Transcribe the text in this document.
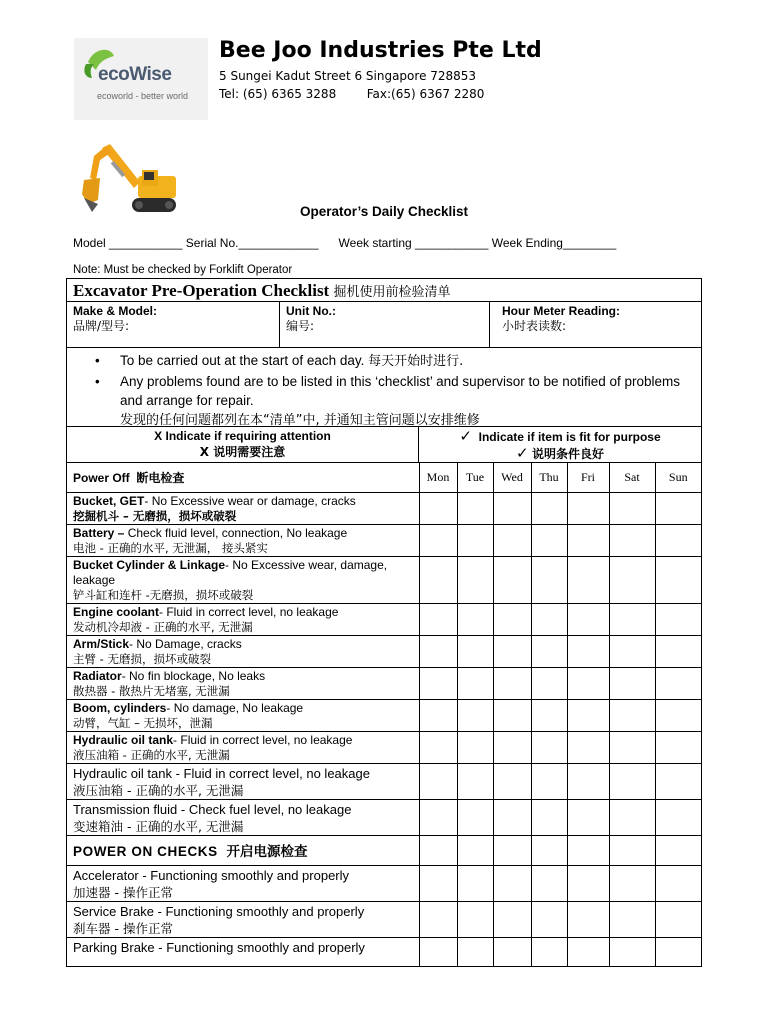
ecoWise
ecoworld - better world
Bee Joo Industries Pte Ltd
5 Sungei Kadut Street 6 Singapore 728853
Tel: (65) 6365 3288        Fax:(65) 6367 2280
Operator’s Daily Checklist
Model ___________ Serial No.____________      Week starting ___________ Week Ending________
Note: Must be checked by Forklift Operator
Excavator Pre-Operation Checklist 掘机使用前检验清单
Make & Model:
品牌/型号:
Unit No.:
编号:
Hour Meter Reading:
小时表读数:
• To be carried out at the start of each day. 每天开始时进行.
• Any problems found are to be listed in this ‘checklist’ and supervisor to be notified of problems and arrange for repair.
发现的任何问题都列在本“清单”中, 并通知主管问题以安排维修
X Indicate if requiring attention
X 说明需要注意
✓ Indicate if item is fit for purpose
✓ 说明条件良好
Power Off 断电检查	Mon	Tue	Wed	Thu	Fri	Sat	Sun
Bucket, GET- No Excessive wear or damage, cracks
挖掘机斗 – 无磨损，损坏或破裂							
Battery – Check fluid level, connection, No leakage
电池 - 正确的水平, 无泄漏， 接头紧实							
Bucket Cylinder & Linkage- No Excessive wear, damage, leakage
铲斗缸和连杆 -无磨损，损坏或破裂							
Engine coolant- Fluid in correct level, no leakage
发动机冷却液 - 正确的水平, 无泄漏							
Arm/Stick- No Damage, cracks
主臂 - 无磨损，损坏或破裂							
Radiator- No fin blockage, No leaks
散热器 - 散热片无堵塞, 无泄漏							
Boom, cylinders- No damage, No leakage
动臂，气缸 – 无损坏，泄漏							
Hydraulic oil tank- Fluid in correct level, no leakage
液压油箱 - 正确的水平, 无泄漏							
Hydraulic oil tank - Fluid in correct level, no leakage
液压油箱 - 正确的水平, 无泄漏							
Transmission fluid - Check fuel level, no leakage
变速箱油 - 正确的水平, 无泄漏							
POWER ON CHECKS 开启电源检查							
Accelerator - Functioning smoothly and properly
加速器 - 操作正常							
Service Brake - Functioning smoothly and properly
刹车器 - 操作正常							
Parking Brake - Functioning smoothly and properly							
